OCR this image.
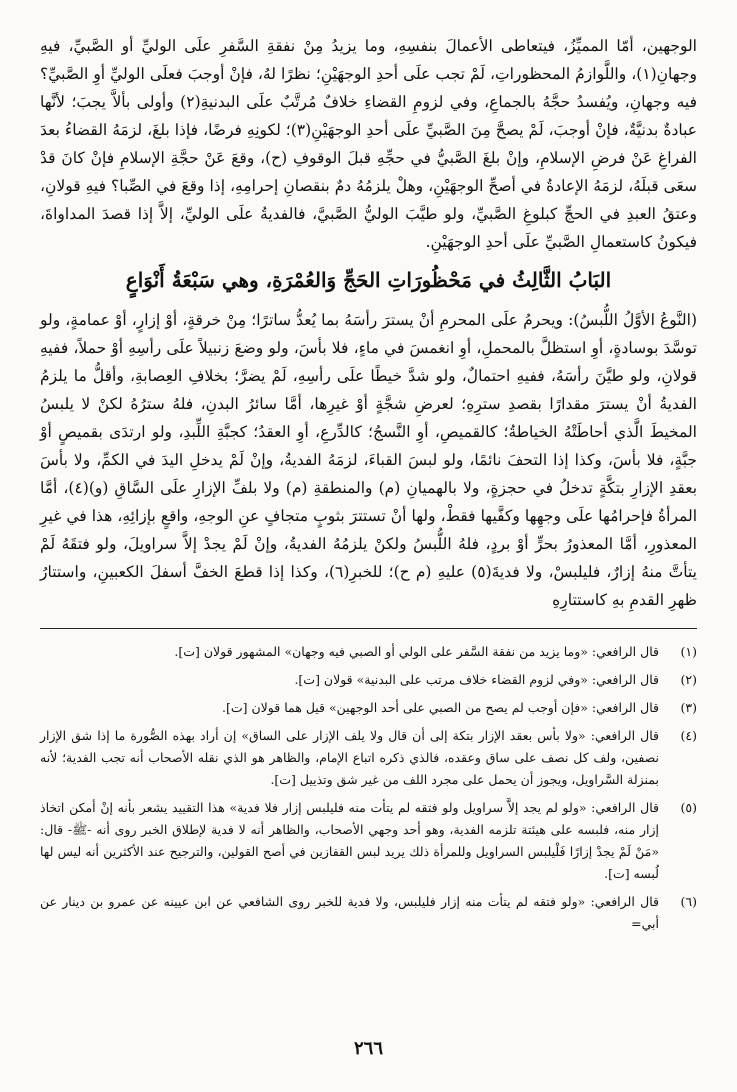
الوجهين، أمّا المميِّزُ، فيتعاطى الأعمالَ بنفسِهِ، وما يزيدُ مِنْ نفقةِ السَّفرِ علَى الوليِّ أو الصَّبيِّ، فيهِ وجهانِ(١)، واللَّوازمُ المحظوراتِ، لَمْ تجب علَى أحدِ الوجهَيْنِ؛ نظرًا لهُ، فإنْ أوجبَ فعلَى الوليِّ أوِ الصَّبيِّ؟ فيه وجهانِ، ويُفسدُ حجَّهُ بالجماعِ، وفي لزومِ القضاءِ خلافٌ مُرتَّبٌ علَى البدنيةِ(٢) وأولى بألاَّ يجبَ؛ لأنَّها عبادةٌ بدنيَّةٌ، فإنْ أوجبَ، لَمْ يصحَّ مِنَ الصَّبيِّ علَى أحدِ الوجهَيْنِ(٣)؛ لكونِهِ فرضًا، فإذا بلغَ، لزمَهُ القضاءُ بعدَ الفراغِ عَنْ فرضِ الإسلامِ، وإنْ بلغَ الصَّبيُّ في حجِّهِ قبلَ الوقوفِ (ح)، وقعَ عَنْ حجَّةِ الإسلامِ فإنْ كانَ قدْ سعَى قبلَهُ، لزمَهُ الإعادةُ في أصحِّ الوجهَيْنِ، وهلْ يلزمُهُ دمٌ بنقصانِ إحرامِهِ، إذا وقعَ في الصِّبا؟ فيهِ قولانِ، وعتقُ العبدِ في الحجِّ كبلوغِ الصَّبيِّ، ولو طيَّبَ الوليُّ الصَّبيَّ، فالفديةُ علَى الوليِّ، إلاَّ إذا قصدَ المداواةَ، فيكونُ كاستعمالِ الصَّبيِّ علَى أحدِ الوجهَيْنِ.

البَابُ الثَّالِثُ في مَحْظُورَاتِ الحَجِّ وَالعُمْرَةِ، وهي سَبْعَةُ أَنْوَاعٍ

(النَّوعُ الأوَّلُ اللُّبسُ): ويحرمُ علَى المحرمِ أنْ يسترَ رأسَهُ بما يُعدُّ ساترًا؛ مِنْ خرقةٍ، أوْ إزارٍ، أوْ عمامةٍ، ولو توسَّدَ بوسادةٍ، أوِ استظلَّ بالمحملِ، أوِ انغمسَ في ماءٍ، فلا بأسَ، ولو وضعَ زنبيلاً علَى رأسِهِ أوْ حملاً، ففيهِ قولانِ، ولو طيَّنَ رأسَهُ، ففيهِ احتمالٌ، ولو شدَّ خيطًا علَى رأسِهِ، لَمْ يضرَّ؛ بخلافِ العِصابةِ، وأقلُّ ما يلزمُ الفديةُ أنْ يسترَ مقدارًا بقصدِ سترِهِ؛ لعرضِ شجَّةٍ أوْ غيرِها، أمَّا سائرُ البدنِ، فلهُ سترُهُ لكنْ لا يلبسُ المخيطَ الَّذي أحاطَتْهُ الخياطةُ؛ كالقميصِ، أوِ النَّسجُ؛ كالدِّرعِ، أوِ العقدُ؛ كجبَّةِ اللِّبدِ، ولو ارتدَى بقميصٍ أوْ جبَّةٍ، فلا بأسَ، وكذا إذا التحفَ نائمًا، ولو لبسَ القباءَ، لزمَهُ الفديةُ، وإنْ لَمْ يدخلِ اليدَ في الكمِّ، ولا بأسَ بعقدِ الإزارِ بتكَّةٍ تدخلُ في حجزةٍ، ولا بالهميانِ (م) والمنطقةِ (م) ولا بلفِّ الإزارِ علَى السَّاقِ (و)(٤)، أمَّا المرأةُ فإحرامُها علَى وجهِها وكفَّيها فقطْ، ولها أنْ تستترَ بثوبٍ متجافٍ عنِ الوجهِ، واقعٍ بإزائِهِ، هذا في غيرِ المعذورِ، أمَّا المعذورُ بحرٍّ أوْ بردٍ، فلهُ اللُّبسُ ولكنْ يلزمُهُ الفديةُ، وإنْ لَمْ يجدْ إلاَّ سراويلَ، ولو فتقَهُ لَمْ يتأتَّ منهُ إزارٌ، فليلبسْ، ولا فديةَ(٥) عليهِ (م ح)؛ للخبرِ(٦)، وكذا إذا قطعَ الخفَّ أسفلَ الكعبينِ، واستتارُ ظهرِ القدمِ بهِ كاستتارِهِ

(١)
قال الرافعي: «وما يزيد من نفقة السَّفر على الولي أو الصبي فيه وجهان» المشهور قولان [ت].
(٢)
قال الرافعي: «وفي لزوم القضاء خلاف مرتب على البدنية» قولان [ت].
(٣)
قال الرافعي: «فإن أوجب لم يصح من الصبي على أحد الوجهين» قيل هما قولان [ت].
(٤)
قال الرافعي: «ولا بأس بعقد الإزار بتكة إلى أن قال ولا يلف الإزار على الساق» إن أراد بهذه الصُّورة ما إذا شق الإزار نصفين، ولف كل نصف على ساق وعقده، فالذي ذكره اتباع الإمام، والظاهر هو الذي نقله الأصحاب أنه تجب الفدية؛ لأنه بمنزلة السَّراويل، ويجوز أن يحمل على مجرد اللف من غير شق وتذييل [ت].
(٥)
قال الرافعي: «ولو لم يجد إلاَّ سراويل ولو فتقه لم يتأت منه فليلبس إزار فلا فدية» هذا التقييد يشعر بأنه إنْ أمكن اتخاذ إزار منه، فلبسه على هيئتة تلزمه الفدية، وهو أحد وجهي الأصحاب، والظاهر أنه لا فدية لإطلاق الخبر روى أنه -ﷺ- قال: «مَنْ لَمْ يجدْ إزارًا فَلْيلبس السراويل وللمرأة ذلك يريد لبس القفازين في أصح القولين، والترجيح عند الأكثرين أنه ليس لها لُبسه [ت].
(٦)
قال الرافعي: «ولو فتقه لم يتأت منه إزار فليلبس، ولا فدية للخبر روى الشافعي عن ابن عيينه عن عمرو بن دينار عن أبي=
٢٦٦
